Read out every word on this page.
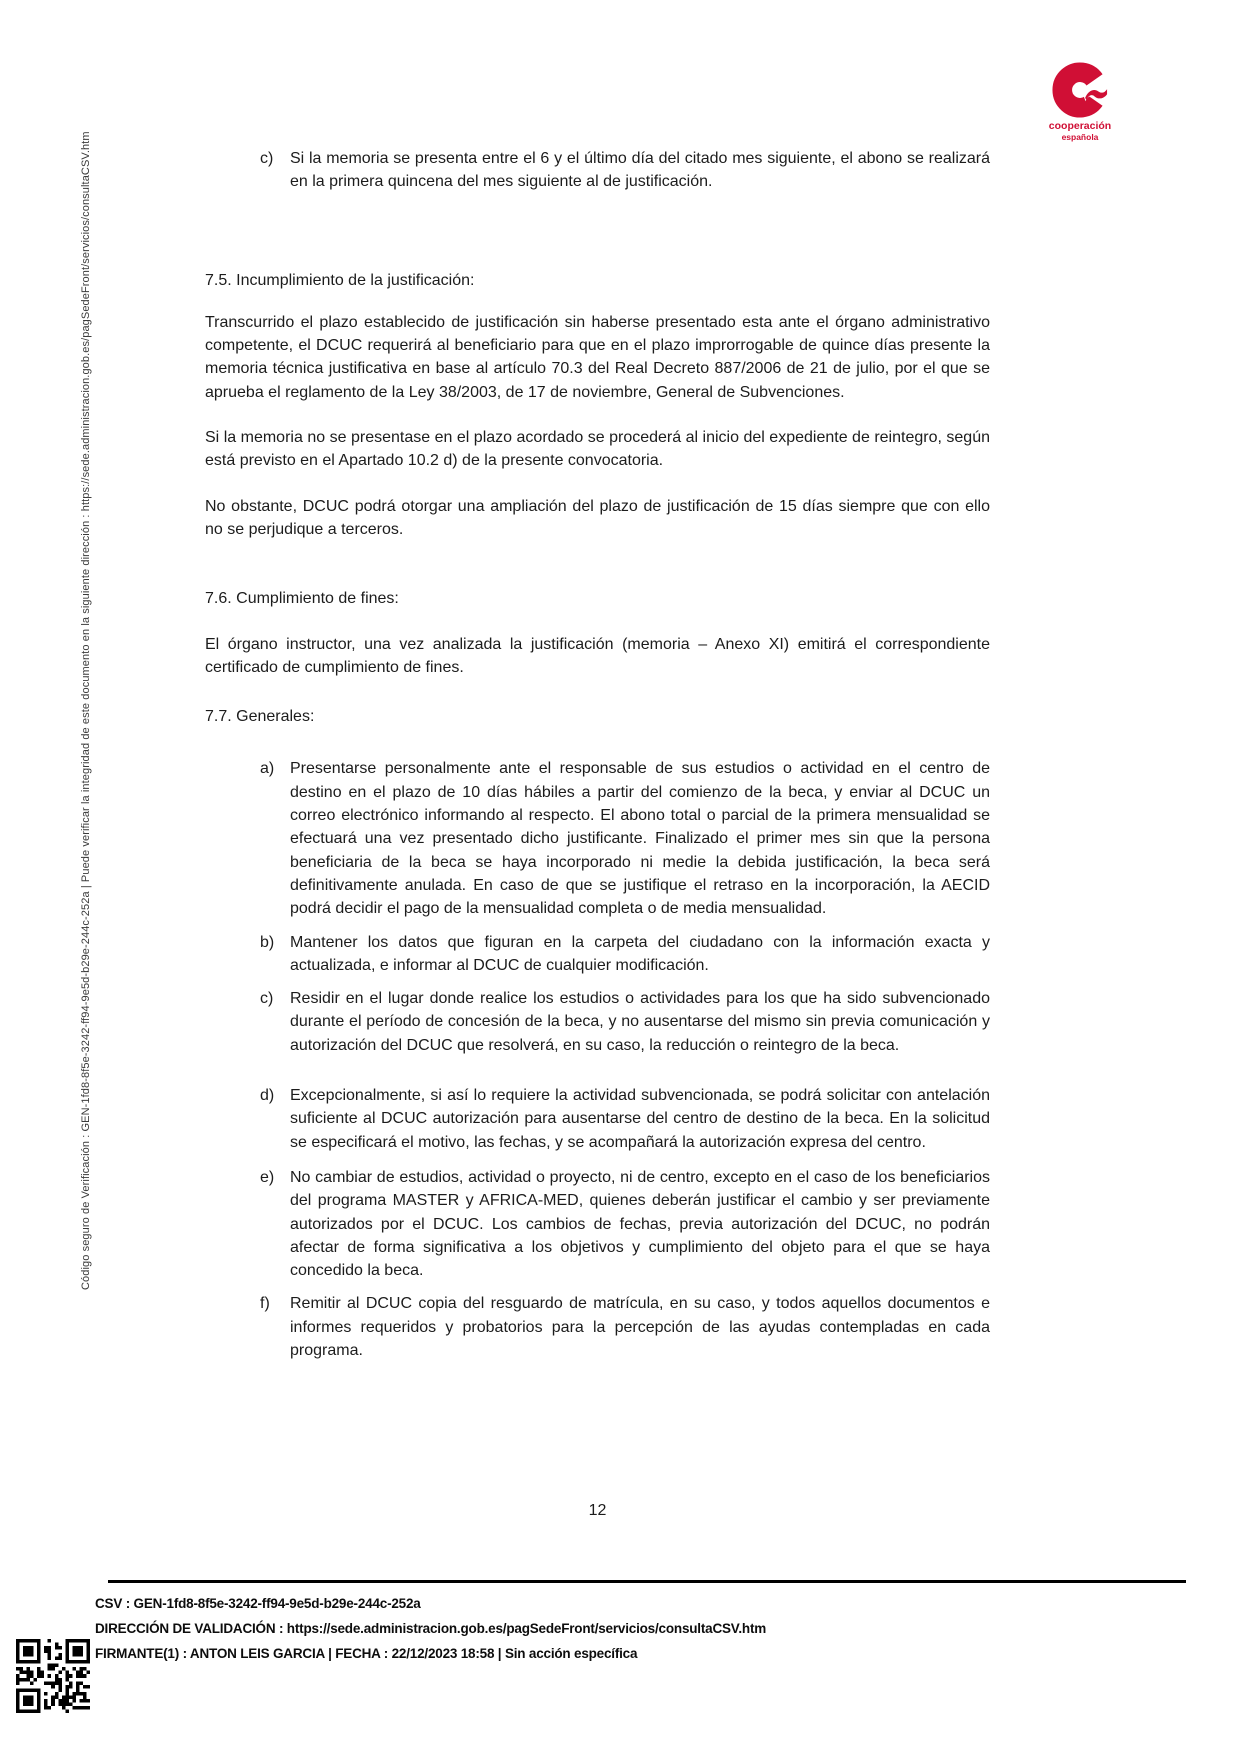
Código seguro de Verificación : GEN-1fd8-8f5e-3242-ff94-9e5d-b29e-244c-252a | Puede verificar la integridad de este documento en la siguiente dirección : https://sede.administracion.gob.es/pagSedeFront/servicios/consultaCSV.htm
cooperación
española
c) Si la memoria se presenta entre el 6 y el último día del citado mes siguiente, el abono se realizará en la primera quincena del mes siguiente al de justificación.
7.5. Incumplimiento de la justificación:

Transcurrido el plazo establecido de justificación sin haberse presentado esta ante el órgano administrativo competente, el DCUC requerirá al beneficiario para que en el plazo improrrogable de quince días presente la memoria técnica justificativa en base al artículo 70.3 del Real Decreto 887/2006 de 21 de julio, por el que se aprueba el reglamento de la Ley 38/2003, de 17 de noviembre, General de Subvenciones.

Si la memoria no se presentase en el plazo acordado se procederá al inicio del expediente de reintegro, según está previsto en el Apartado 10.2 d) de la presente convocatoria.

No obstante, DCUC podrá otorgar una ampliación del plazo de justificación de 15 días siempre que con ello no se perjudique a terceros.

7.6. Cumplimiento de fines:

El órgano instructor, una vez analizada la justificación (memoria – Anexo XI) emitirá el correspondiente certificado de cumplimiento de fines.

7.7. Generales:
a) Presentarse personalmente ante el responsable de sus estudios o actividad en el centro de destino en el plazo de 10 días hábiles a partir del comienzo de la beca, y enviar al DCUC un correo electrónico informando al respecto. El abono total o parcial de la primera mensualidad se efectuará una vez presentado dicho justificante. Finalizado el primer mes sin que la persona beneficiaria de la beca se haya incorporado ni medie la debida justificación, la beca será definitivamente anulada. En caso de que se justifique el retraso en la incorporación, la AECID podrá decidir el pago de la mensualidad completa o de media mensualidad.
b) Mantener los datos que figuran en la carpeta del ciudadano con la información exacta y actualizada, e informar al DCUC de cualquier modificación.
c) Residir en el lugar donde realice los estudios o actividades para los que ha sido subvencionado durante el período de concesión de la beca, y no ausentarse del mismo sin previa comunicación y autorización del DCUC que resolverá, en su caso, la reducción o reintegro de la beca.
d) Excepcionalmente, si así lo requiere la actividad subvencionada, se podrá solicitar con antelación suficiente al DCUC autorización para ausentarse del centro de destino de la beca. En la solicitud se especificará el motivo, las fechas, y se acompañará la autorización expresa del centro.
e) No cambiar de estudios, actividad o proyecto, ni de centro, excepto en el caso de los beneficiarios del programa MASTER y AFRICA-MED, quienes deberán justificar el cambio y ser previamente autorizados por el DCUC. Los cambios de fechas, previa autorización del DCUC, no podrán afectar de forma significativa a los objetivos y cumplimiento del objeto para el que se haya concedido la beca.
f) Remitir al DCUC copia del resguardo de matrícula, en su caso, y todos aquellos documentos e informes requeridos y probatorios para la percepción de las ayudas contempladas en cada programa.
12
CSV : GEN-1fd8-8f5e-3242-ff94-9e5d-b29e-244c-252a
DIRECCIÓN DE VALIDACIÓN : https://sede.administracion.gob.es/pagSedeFront/servicios/consultaCSV.htm
FIRMANTE(1) : ANTON LEIS GARCIA | FECHA : 22/12/2023 18:58 | Sin acción específica
